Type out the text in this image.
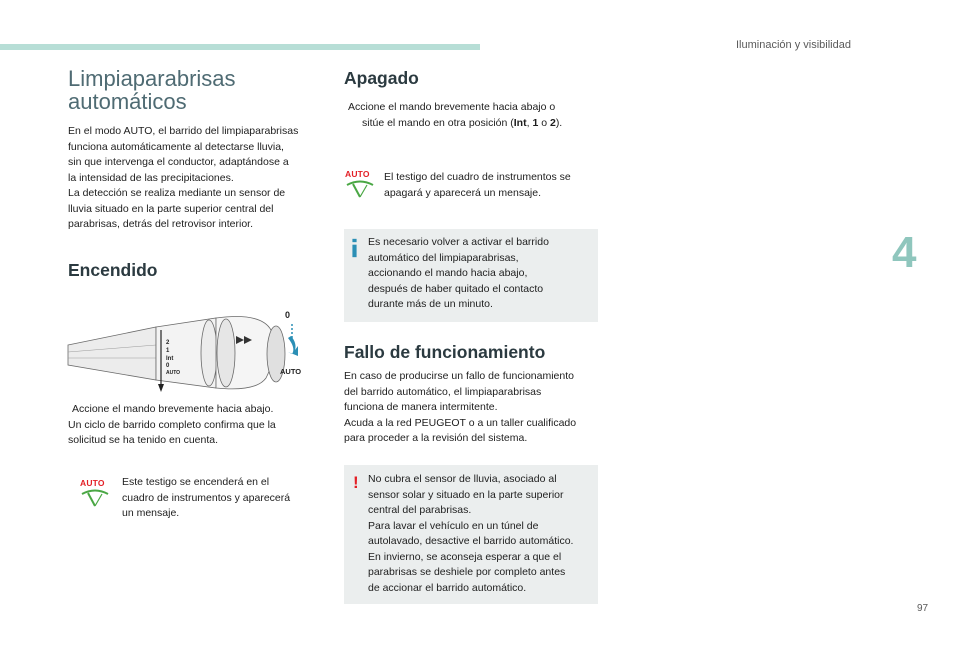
Iluminación y visibilidad
4
97
Limpiaparabrisas
automáticos
En el modo AUTO, el barrido del limpiaparabrisas
funciona automáticamente al detectarse lluvia,
sin que intervenga el conductor, adaptándose a
la intensidad de las precipitaciones.
La detección se realiza mediante un sensor de
lluvia situado en la parte superior central del
parabrisas, detrás del retrovisor interior.
Encendido
2
1
Int
0
AUTO
0
AUTO
Accione el mando brevemente hacia abajo.
Un ciclo de barrido completo confirma que la
solicitud se ha tenido en cuenta.
AUTO	Este testigo se encenderá en el
cuadro de instrumentos y aparecerá
un mensaje.
Apagado
Accione el mando brevemente hacia abajo o
sitúe el mando en otra posición (Int, 1 o 2).
AUTO	El testigo del cuadro de instrumentos se
apagará y aparecerá un mensaje.
Es necesario volver a activar el barrido
automático del limpiaparabrisas,
accionando el mando hacia abajo,
después de haber quitado el contacto
durante más de un minuto.
Fallo de funcionamiento
En caso de producirse un fallo de funcionamiento
del barrido automático, el limpiaparabrisas
funciona de manera intermitente.
Acuda a la red PEUGEOT o a un taller cualificado
para proceder a la revisión del sistema.
! No cubra el sensor de lluvia, asociado al
sensor solar y situado en la parte superior
central del parabrisas.
Para lavar el vehículo en un túnel de
autolavado, desactive el barrido automático.
En invierno, se aconseja esperar a que el
parabrisas se deshiele por completo antes
de accionar el barrido automático.
